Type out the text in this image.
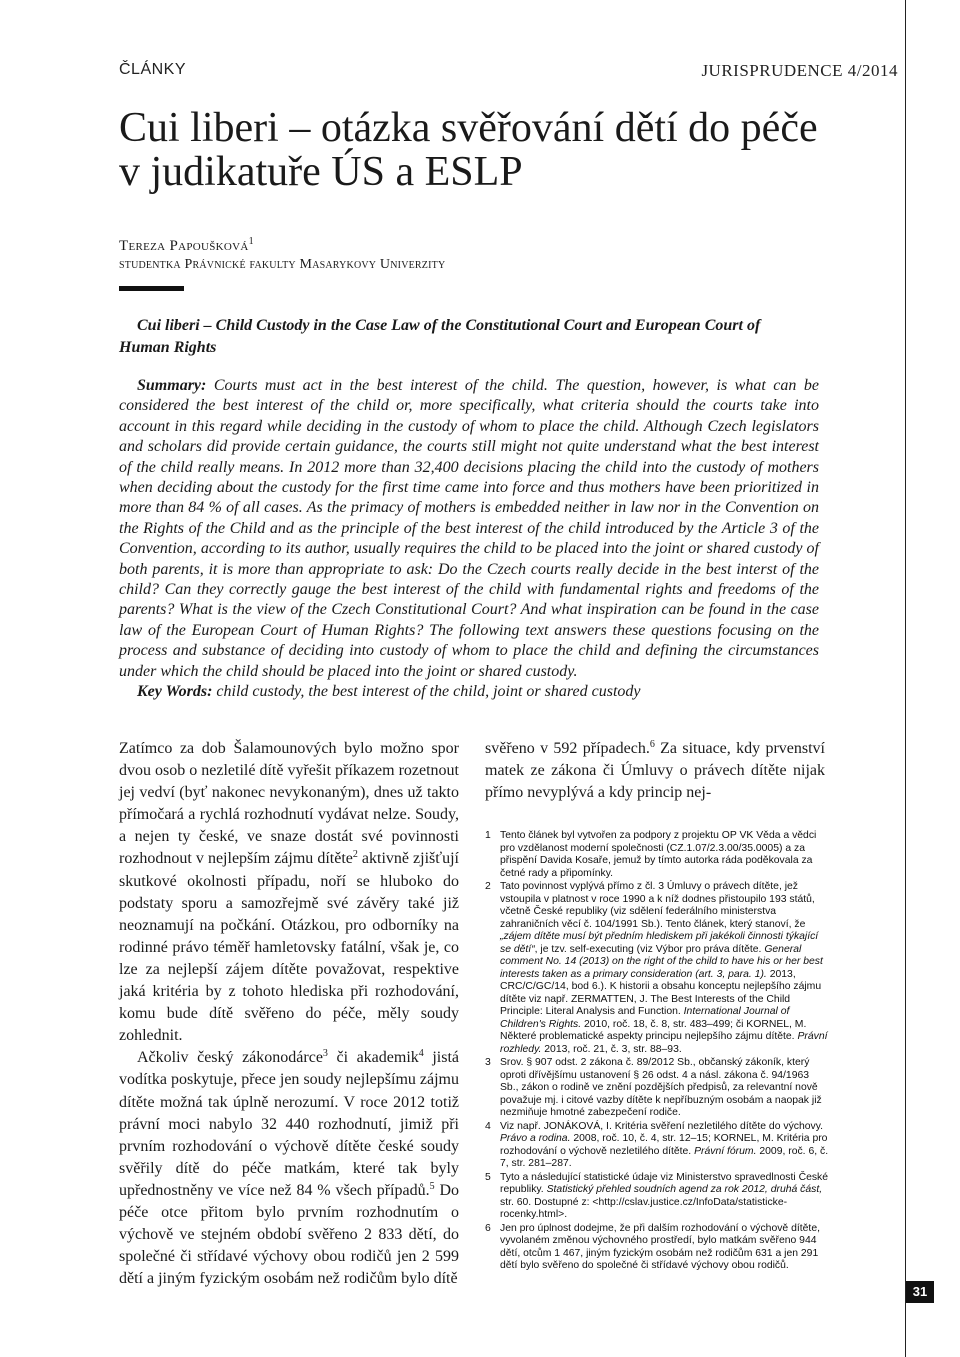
ČLÁNKY	JURISPRUDENCE 4/2014
Cui liberi – otázka svěřování dětí do péče
v judikatuře ÚS a ESLP
Tereza Papoušková$^1$
studentka Právnické fakulty Masarykovy Univerzity
Cui liberi – Child Custody in the Case Law of the Constitutional Court and European Court of
Human Rights

Summary: Courts must act in the best interest of the child. The question, however, is what can be considered the best interest of the child or, more specifically, what criteria should the courts take into account in this regard while deciding in the custody of whom to place the child. Although Czech legislators and scholars did provide certain guidance, the courts still might not quite understand what the best interest of the child really means. In 2012 more than 32,400 decisions placing the child into the custody of mothers when deciding about the custody for the first time came into force and thus mothers have been prioritized in more than 84 % of all cases. As the primacy of mothers is embedded neither in law nor in the Convention on the Rights of the Child and as the principle of the best interest of the child introduced by the Article 3 of the Convention, according to its author, usually requires the child to be placed into the joint or shared custody of both parents, it is more than appropriate to ask: Do the Czech courts really decide in the best interst of the child? Can they correctly gauge the best interest of the child with fundamental rights and freedoms of the parents? What is the view of the Czech Constitutional Court? And what inspiration can be found in the case law of the European Court of Human Rights? The following text answers these questions focusing on the process and substance of deciding into custody of whom to place the child and defining the circumstances under which the child should be placed into the joint or shared custody.

Key Words: child custody, the best interest of the child, joint or shared custody

Zatímco za dob Šalamounových bylo možno spor dvou osob o nezletilé dítě vyřešit příkazem rozetnout jej vedví (byť nakonec nevykonaným), dnes už takto přímočará a rychlá rozhodnutí vydávat nelze. Soudy, a nejen ty české, ve snaze dostát své povinnosti rozhodnout v nejlepším zájmu dítěte$^2$ aktivně zjišťují skutkové okolnosti případu, noří se hluboko do podstaty sporu a samozřejmě své závěry také již neoznamují na počkání. Otázkou, pro odborníky na rodinné právo téměř hamletovsky fatální, však je, co lze za nejlepší zájem dítěte považovat, respektive jaká kritéria by z tohoto hlediska při rozhodování, komu bude dítě svěřeno do péče, měly soudy zohlednit.

Ačkoliv český zákonodárce$^3$ či akademik$^4$ jistá vodítka poskytuje, přece jen soudy nejlepšímu zájmu dítěte možná tak úplně nerozumí. V roce 2012 totiž právní moci nabylo 32 440 rozhodnutí, jimiž při prvním rozhodování o výchově dítěte české soudy svěřily dítě do péče matkám, které tak byly upřednostněny ve více než 84 % všech případů.$^5$ Do péče otce přitom bylo prvním rozhodnutím o výchově ve stejném období svěřeno 2 833 dětí, do společné či střídavé výchovy obou rodičů jen 2 599 dětí a jiným fyzickým osobám než rodičům bylo dítě

svěřeno v 592 případech.$^6$ Za situace, kdy prvenství matek ze zákona či Úmluvy o právech dítěte nijak přímo nevyplývá a kdy princip nej-

1 Tento článek byl vytvořen za podpory z projektu OP VK Věda a vědci pro vzdělanost moderní společnosti (CZ.1.07/2.3.00/35.0005) a za přispění Davida Kosaře, jemuž by tímto autorka ráda poděkovala za četné rady a připomínky.

2 Tato povinnost vyplývá přímo z čl. 3 Úmluvy o právech dítěte, jež vstoupila v platnost v roce 1990 a k níž dodnes přistoupilo 193 států, včetně České republiky (viz sdělení federálního ministerstva zahraničních věcí č. 104/1991 Sb.). Tento článek, který stanoví, že „zájem dítěte musí být předním hlediskem při jakékoli činnosti týkající se dětí“, je tzv. self-executing (viz Výbor pro práva dítěte. General comment No. 14 (2013) on the right of the child to have his or her best interests taken as a primary consideration (art. 3, para. 1). 2013, CRC/C/GC/14, bod 6.). K historii a obsahu konceptu nejlepšího zájmu dítěte viz např. ZERMATTEN, J. The Best Interests of the Child Principle: Literal Analysis and Function. International Journal of Children's Rights. 2010, roč. 18, č. 8, str. 483–499; či KORNEL, M. Některé problematické aspekty principu nejlepšího zájmu dítěte. Právní rozhledy. 2013, roč. 21, č. 3, str. 88–93.

3 Srov. § 907 odst. 2 zákona č. 89/2012 Sb., občanský zákoník, který oproti dřívějšímu ustanovení § 26 odst. 4 a násl. zákona č. 94/1963 Sb., zákon o rodině ve znění pozdějších předpisů, za relevantní nově považuje mj. i citové vazby dítěte k nepříbuzným osobám a naopak již nezmiňuje hmotné zabezpečení rodiče.

4 Viz např. JONÁKOVÁ, I. Kritéria svěření nezletilého dítěte do výchovy. Právo a rodina. 2008, roč. 10, č. 4, str. 12–15; KORNEL, M. Kritéria pro rozhodování o výchově nezletilého dítěte. Právní fórum. 2009, roč. 6, č. 7, str. 281–287.

5 Tyto a následující statistické údaje viz Ministerstvo spravedlnosti České republiky. Statistický přehled soudních agend za rok 2012, druhá část, str. 60. Dostupné z: <http://cslav.justice.cz/InfoData/statisticke-rocenky.html>.

6 Jen pro úplnost dodejme, že při dalším rozhodování o výchově dítěte, vyvolaném změnou výchovného prostředí, bylo matkám svěřeno 944 dětí, otcům 1 467, jiným fyzickým osobám než rodičům 631 a jen 291 dětí bylo svěřeno do společné či střídavé výchovy obou rodičů.

31
